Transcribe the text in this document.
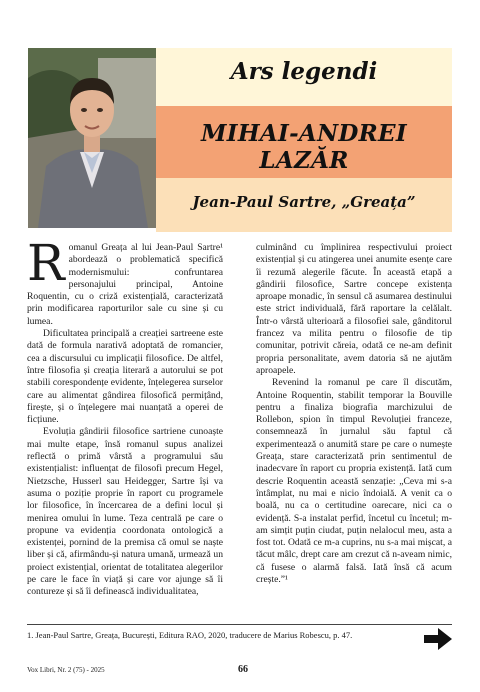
Ars legendi
MIHAI-ANDREI LAZĂR
Jean-Paul Sartre, „Greața”

Romanul Greața al lui Jean-Paul Sartre¹ abordează o problematică specifică modernismului: confruntarea personajului principal, Antoine Roquentin, cu o criză existențială, caracterizată prin modificarea raporturilor sale cu sine și cu lumea.

Dificultatea principală a creației sartreene este dată de formula narativă adoptată de romancier, cea a discursului cu implicații filosofice. De altfel, între filosofia și creația literară a autorului se pot stabili corespondențe evidente, înțelegerea surselor care au alimentat gândirea filosofică permițând, firește, și o înțelegere mai nuanțată a operei de ficțiune.

Evoluția gândirii filosofice sartriene cunoaște mai multe etape, însă romanul supus analizei reflectă o primă vârstă a programului său existențialist: influențat de filosofi precum Hegel, Nietzsche, Husserl sau Heidegger, Sartre își va asuma o poziție proprie în raport cu programele lor filosofice, în încercarea de a defini locul și menirea omului în lume. Teza centrală pe care o propune va evidenția coordonata ontologică a existenței, pornind de la premisa că omul se naște liber și că, afirmându-și natura umană, urmează un proiect existențial, orientat de totalitatea alegerilor pe care le face în viață și care vor ajunge să îi contureze și să îi definească individualitatea,

culminând cu împlinirea respectivului proiect existențial și cu atingerea unei anumite esențe care îi rezumă alegerile făcute. În această etapă a gândirii filosofice, Sartre concepe existența aproape monadic, în sensul că asumarea destinului este strict individuală, fără raportare la celălalt. Într-o vârstă ulterioară a filosofiei sale, gânditorul francez va milita pentru o filosofie de tip comunitar, potrivit căreia, odată ce ne-am definit propria personalitate, avem datoria să ne ajutăm aproapele.

Revenind la romanul pe care îl discutăm, Antoine Roquentin, stabilit temporar la Bouville pentru a finaliza biografia marchizului de Rollebon, spion în timpul Revoluției franceze, consemnează în jurnalul său faptul că experimentează o anumită stare pe care o numește Greața, stare caracterizată prin sentimentul de inadecvare în raport cu propria existență. Iată cum descrie Roquentin această senzație: „Ceva mi s-a întâmplat, nu mai e nicio îndoială. A venit ca o boală, nu ca o certitudine oarecare, nici ca o evidență. S-a instalat perfid, încetul cu încetul; m-am simțit puțin ciudat, puțin nelalocul meu, asta a fost tot. Odată ce m-a cuprins, nu s-a mai mișcat, a tăcut mâlc, drept care am crezut că n-aveam nimic, că fusese o alarmă falsă. Iată însă că acum crește.”¹

1. Jean-Paul Sartre, Greața, București, Editura RAO, 2020, traducere de Marius Robescu, p. 47.
Vox Libri, Nr. 2 (75) - 2025	66
